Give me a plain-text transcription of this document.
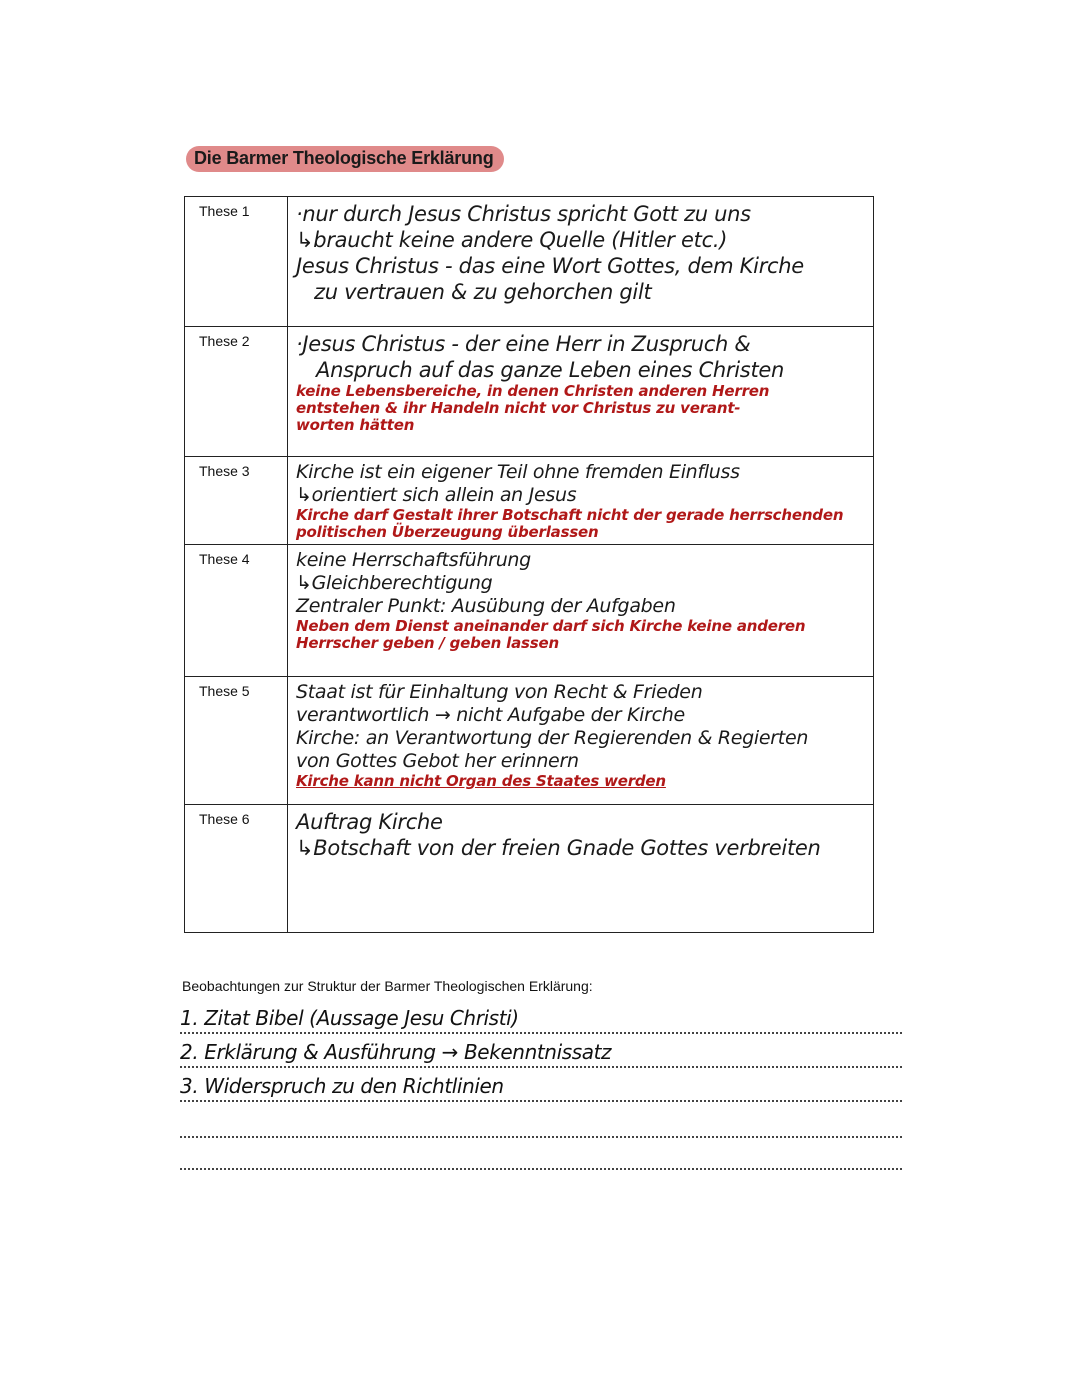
Die Barmer Theologische Erklärung
These 1	·nur durch Jesus Christus spricht Gott zu uns
↳braucht keine andere Quelle (Hitler etc.)
Jesus Christus - das eine Wort Gottes, dem Kirche
zu vertrauen & zu gehorchen gilt

These 2	·Jesus Christus - der eine Herr in Zuspruch &
Anspruch auf das ganze Leben eines Christen
keine Lebensbereiche, in denen Christen anderen Herren
entstehen & ihr Handeln nicht vor Christus zu verant-
worten hätten

These 3	Kirche ist ein eigener Teil ohne fremden Einfluss
↳orientiert sich allein an Jesus
Kirche darf Gestalt ihrer Botschaft nicht der gerade herrschenden
politischen Überzeugung überlassen

These 4	keine Herrschaftsführung
↳Gleichberechtigung
Zentraler Punkt: Ausübung der Aufgaben
Neben dem Dienst aneinander darf sich Kirche keine anderen
Herrscher geben / geben lassen

These 5	Staat ist für Einhaltung von Recht & Frieden
verantwortlich → nicht Aufgabe der Kirche
Kirche: an Verantwortung der Regierenden & Regierten
von Gottes Gebot her erinnern
Kirche kann nicht Organ des Staates werden

These 6	Auftrag Kirche
↳Botschaft von der freien Gnade Gottes verbreiten
Beobachtungen zur Struktur der Barmer Theologischen Erklärung:
1. Zitat Bibel (Aussage Jesu Christi)
2. Erklärung & Ausführung → Bekenntnissatz
3. Widerspruch zu den Richtlinien
